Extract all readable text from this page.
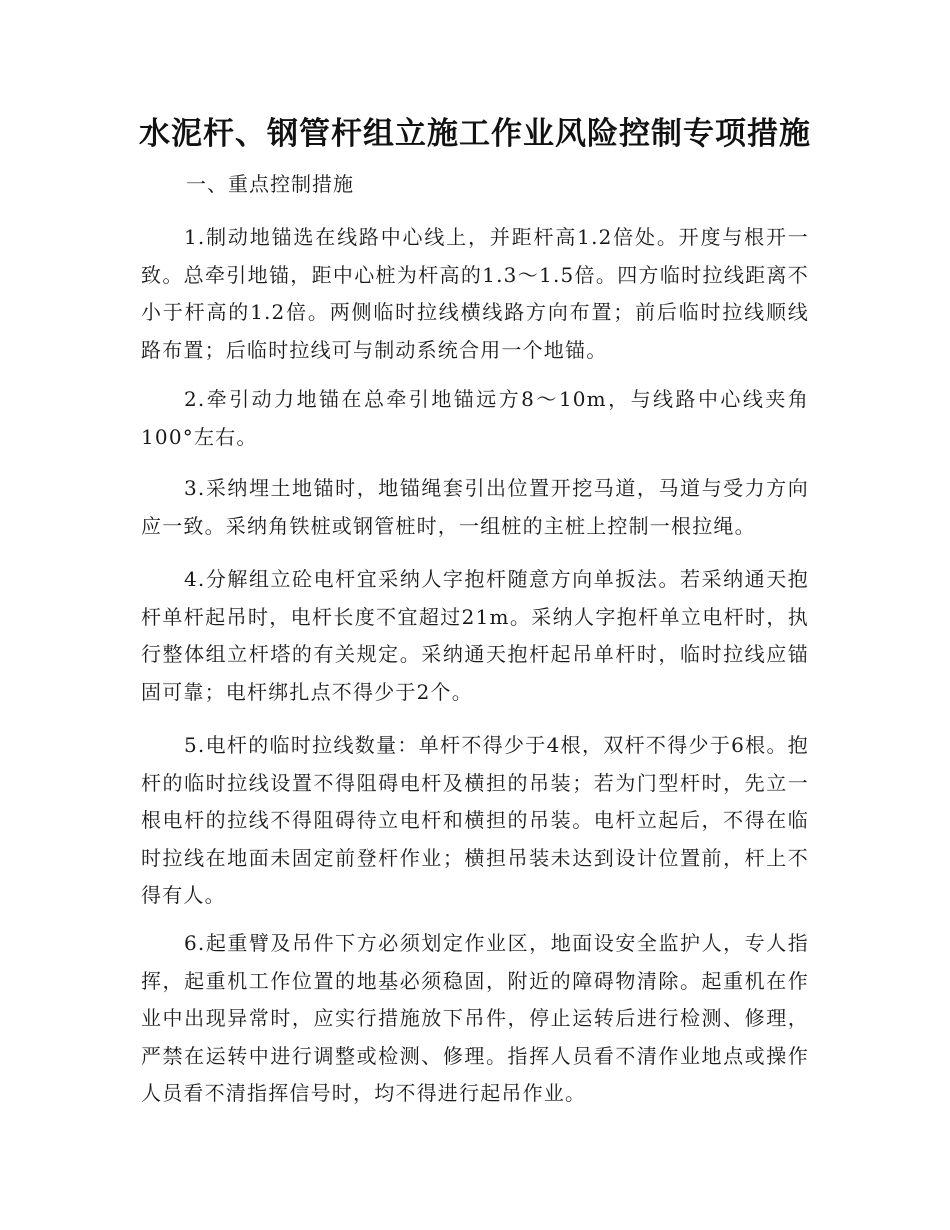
水泥杆、钢管杆组立施工作业风险控制专项措施

一、重点控制措施

1.制动地锚选在线路中心线上，并距杆高1.2倍处。开度与根开一致。总牵引地锚，距中心桩为杆高的1.3～1.5倍。四方临时拉线距离不小于杆高的1.2倍。两侧临时拉线横线路方向布置；前后临时拉线顺线路布置；后临时拉线可与制动系统合用一个地锚。

2.牵引动力地锚在总牵引地锚远方8～10m，与线路中心线夹角100°左右。

3.采纳埋土地锚时，地锚绳套引出位置开挖马道，马道与受力方向应一致。采纳角铁桩或钢管桩时，一组桩的主桩上控制一根拉绳。

4.分解组立砼电杆宜采纳人字抱杆随意方向单扳法。若采纳通天抱杆单杆起吊时，电杆长度不宜超过21m。采纳人字抱杆单立电杆时，执行整体组立杆塔的有关规定。采纳通天抱杆起吊单杆时，临时拉线应锚固可靠；电杆绑扎点不得少于2个。

5.电杆的临时拉线数量：单杆不得少于4根，双杆不得少于6根。抱杆的临时拉线设置不得阻碍电杆及横担的吊装；若为门型杆时，先立一根电杆的拉线不得阻碍待立电杆和横担的吊装。电杆立起后，不得在临时拉线在地面未固定前登杆作业；横担吊装未达到设计位置前，杆上不得有人。

6.起重臂及吊件下方必须划定作业区，地面设安全监护人，专人指挥，起重机工作位置的地基必须稳固，附近的障碍物清除。起重机在作业中出现异常时，应实行措施放下吊件，停止运转后进行检测、修理，严禁在运转中进行调整或检测、修理。指挥人员看不清作业地点或操作人员看不清指挥信号时，均不得进行起吊作业。
